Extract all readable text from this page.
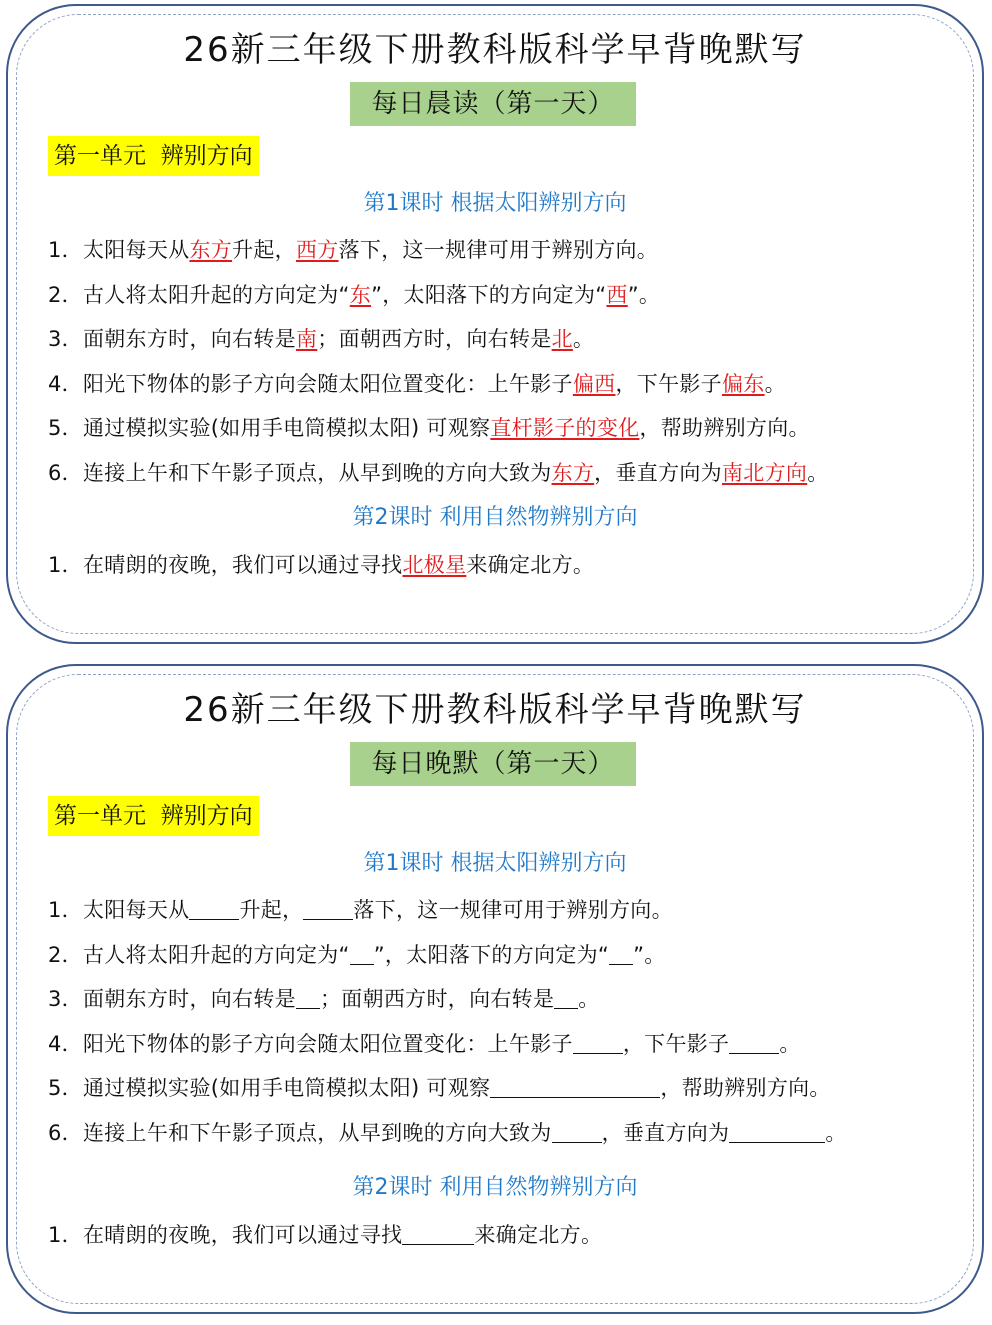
26新三年级下册教科版科学早背晚默写
每日晨读（第一天）
第一单元  辨别方向
第1课时 根据太阳辨别方向
1．太阳每天从东方升起，西方落下，这一规律可用于辨别方向。
2．古人将太阳升起的方向定为“东”，太阳落下的方向定为“西”。
3．面朝东方时，向右转是南；面朝西方时，向右转是北。
4．阳光下物体的影子方向会随太阳位置变化：上午影子偏西，下午影子偏东。
5．通过模拟实验(如用手电筒模拟太阳) 可观察直杆影子的变化，帮助辨别方向。
6．连接上午和下午影子顶点，从早到晚的方向大致为东方，垂直方向为南北方向。
第2课时 利用自然物辨别方向
1．在晴朗的夜晚，我们可以通过寻找北极星来确定北方。
26新三年级下册教科版科学早背晚默写
每日晚默（第一天）
第一单元  辨别方向
第1课时 根据太阳辨别方向
1．太阳每天从 升起， 落下，这一规律可用于辨别方向。
2．古人将太阳升起的方向定为“ ”，太阳落下的方向定为“ ”。
3．面朝东方时，向右转是 ；面朝西方时，向右转是 。
4．阳光下物体的影子方向会随太阳位置变化：上午影子 ，下午影子 。
5．通过模拟实验(如用手电筒模拟太阳) 可观察	，帮助辨别方向。
6．连接上午和下午影子顶点，从早到晚的方向大致为 ，垂直方向为	。
第2课时 利用自然物辨别方向
1．在晴朗的夜晚，我们可以通过寻找	来确定北方。
